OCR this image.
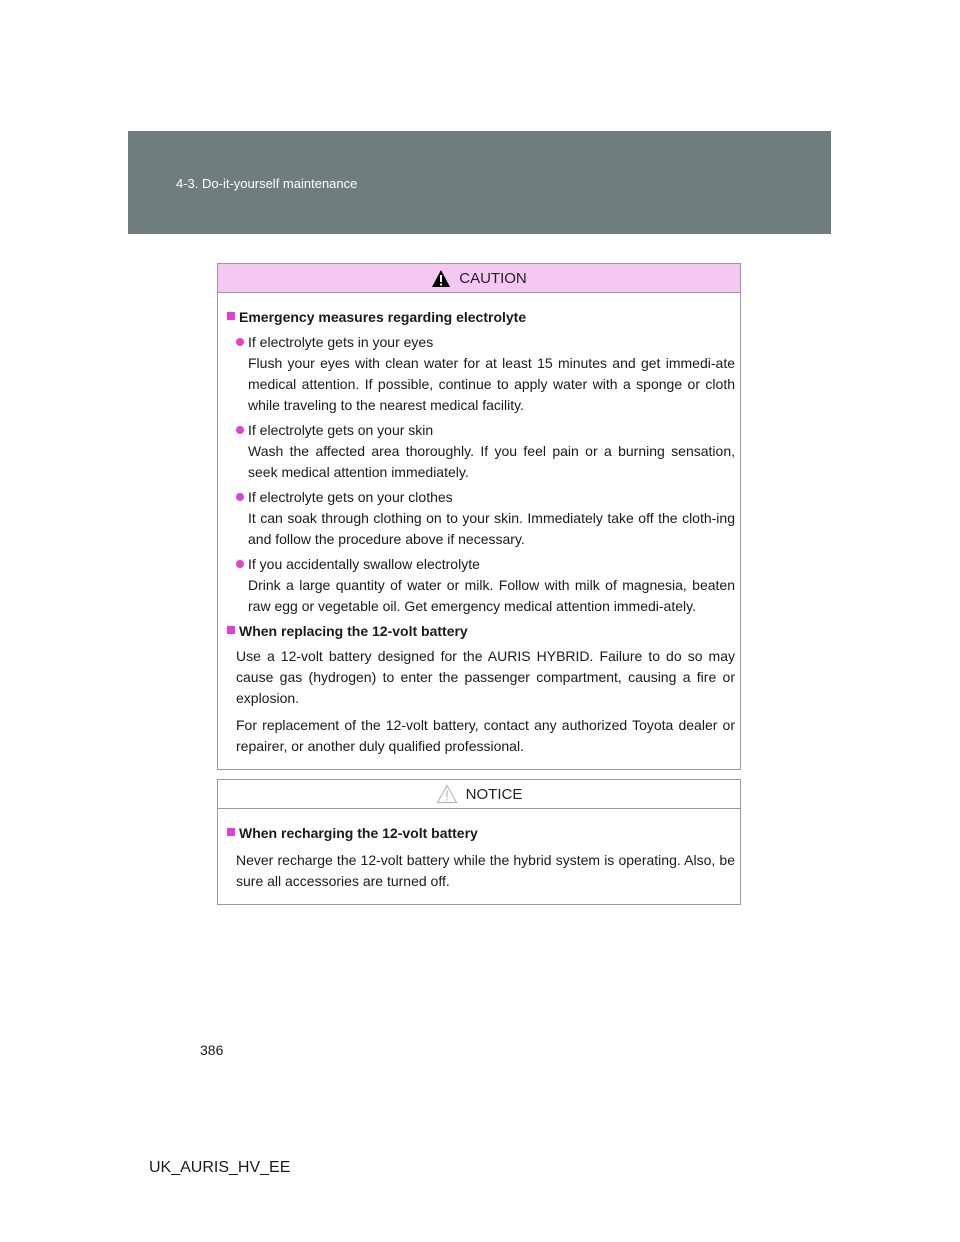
4-3. Do-it-yourself maintenance
CAUTION
Emergency measures regarding electrolyte
If electrolyte gets in your eyes
Flush your eyes with clean water for at least 15 minutes and get immedi-ate medical attention. If possible, continue to apply water with a sponge or cloth while traveling to the nearest medical facility.
If electrolyte gets on your skin
Wash the affected area thoroughly. If you feel pain or a burning sensation, seek medical attention immediately.
If electrolyte gets on your clothes
It can soak through clothing on to your skin. Immediately take off the cloth-ing and follow the procedure above if necessary.
If you accidentally swallow electrolyte
Drink a large quantity of water or milk. Follow with milk of magnesia, beaten raw egg or vegetable oil. Get emergency medical attention immedi-ately.
When replacing the 12-volt battery
Use a 12-volt battery designed for the AURIS HYBRID. Failure to do so may cause gas (hydrogen) to enter the passenger compartment, causing a fire or explosion.
For replacement of the 12-volt battery, contact any authorized Toyota dealer or repairer, or another duly qualified professional.
NOTICE
When recharging the 12-volt battery
Never recharge the 12-volt battery while the hybrid system is operating. Also, be sure all accessories are turned off.
386
UK_AURIS_HV_EE
